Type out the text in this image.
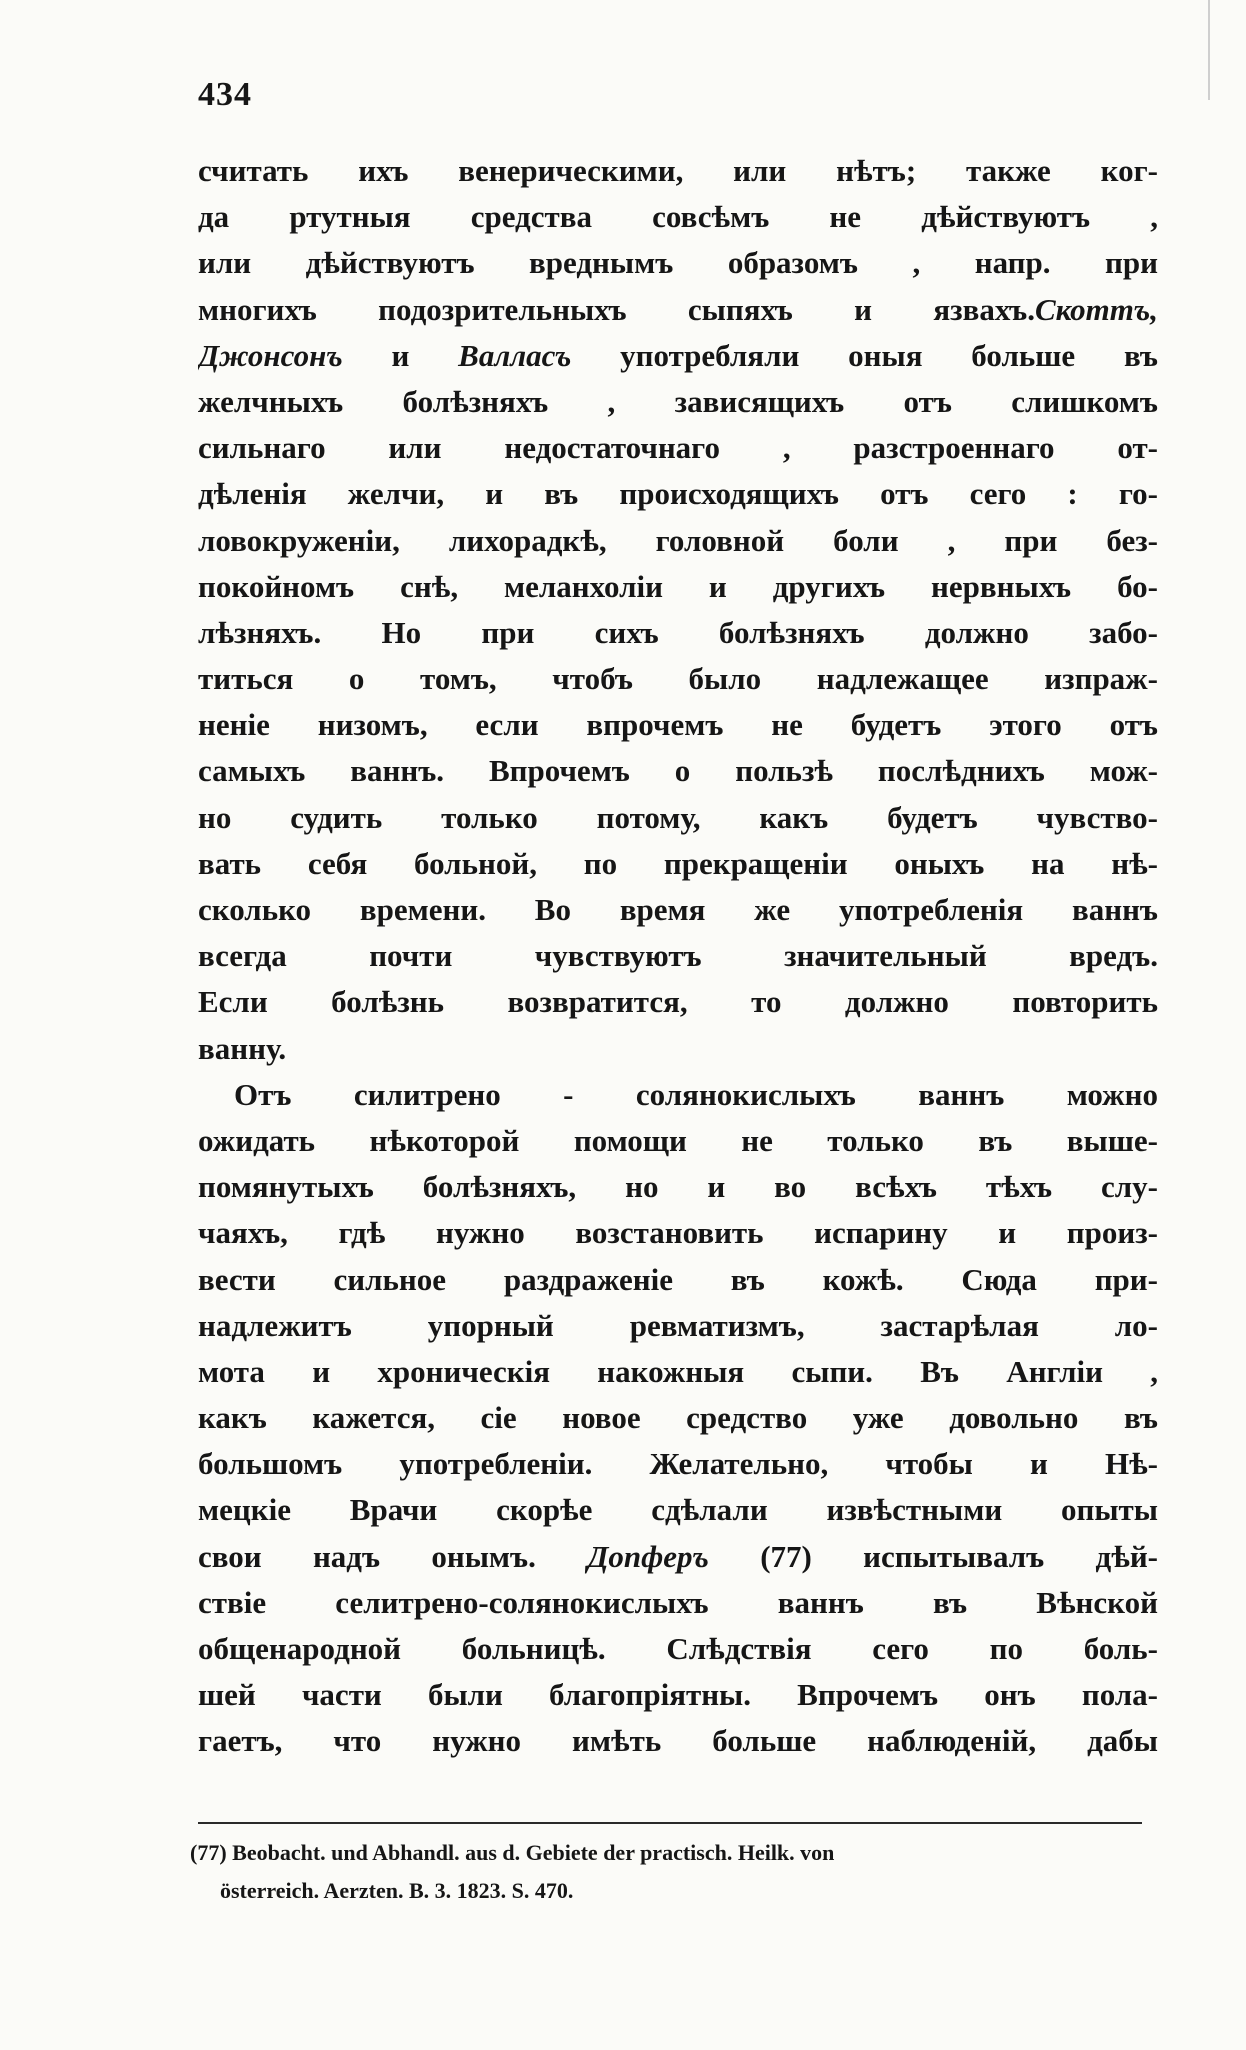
434
считать ихъ венерическими, или нѣтъ; также ког-
да ртутныя средства совсѣмъ не дѣйствуютъ ,
или дѣйствуютъ вреднымъ образомъ , напр. при
многихъ подозрительныхъ сыпяхъ и язвахъ.Скоттъ,
Джонсонъ и Валласъ употребляли оныя больше въ
желчныхъ болѣзняхъ , зависящихъ отъ слишкомъ
сильнаго или недостаточнаго , разстроеннаго от-
дѣленія желчи, и въ происходящихъ отъ сего : го-
ловокруженіи, лихорадкѣ, головной боли , при без-
покойномъ снѣ, меланхоліи и другихъ нервныхъ бо-
лѣзняхъ. Но при сихъ болѣзняхъ должно забо-
титься о томъ, чтобъ было надлежащее изпраж-
неніе низомъ, если впрочемъ не будетъ этого отъ
самыхъ ваннъ. Впрочемъ о пользѣ послѣднихъ мож-
но судить только потому, какъ будетъ чувство-
вать себя больной, по прекращеніи оныхъ на нѣ-
сколько времени. Во время же употребленія ваннъ
всегда почти чувствуютъ значительный вредъ.
Если болѣзнь возвратится, то должно повторить
ванну.
Отъ силитрено - солянокислыхъ ваннъ можно
ожидать нѣкоторой помощи не только въ выше-
помянутыхъ болѣзняхъ, но и во всѣхъ тѣхъ слу-
чаяхъ, гдѣ нужно возстановить испарину и произ-
вести сильное раздраженіе въ кожѣ. Сюда при-
надлежитъ упорный ревматизмъ, застарѣлая ло-
мота и хроническія накожныя сыпи. Въ Англіи ,
какъ кажется, сіе новое средство уже довольно въ
большомъ употребленіи. Желательно, чтобы и Нѣ-
мецкіе Врачи скорѣе сдѣлали извѣстными опыты
свои надъ онымъ. Допферъ (77) испытывалъ дѣй-
ствіе селитрено-солянокислыхъ ваннъ въ Вѣнской
общенародной больницѣ. Слѣдствія сего по боль-
шей части были благопріятны. Впрочемъ онъ пола-
гаетъ, что нужно имѣть больше наблюденій, дабы
(77) Beobacht. und Abhandl. aus d. Gebiete der practisch. Heilk. von
österreich. Aerzten. B. 3. 1823. S. 470.
